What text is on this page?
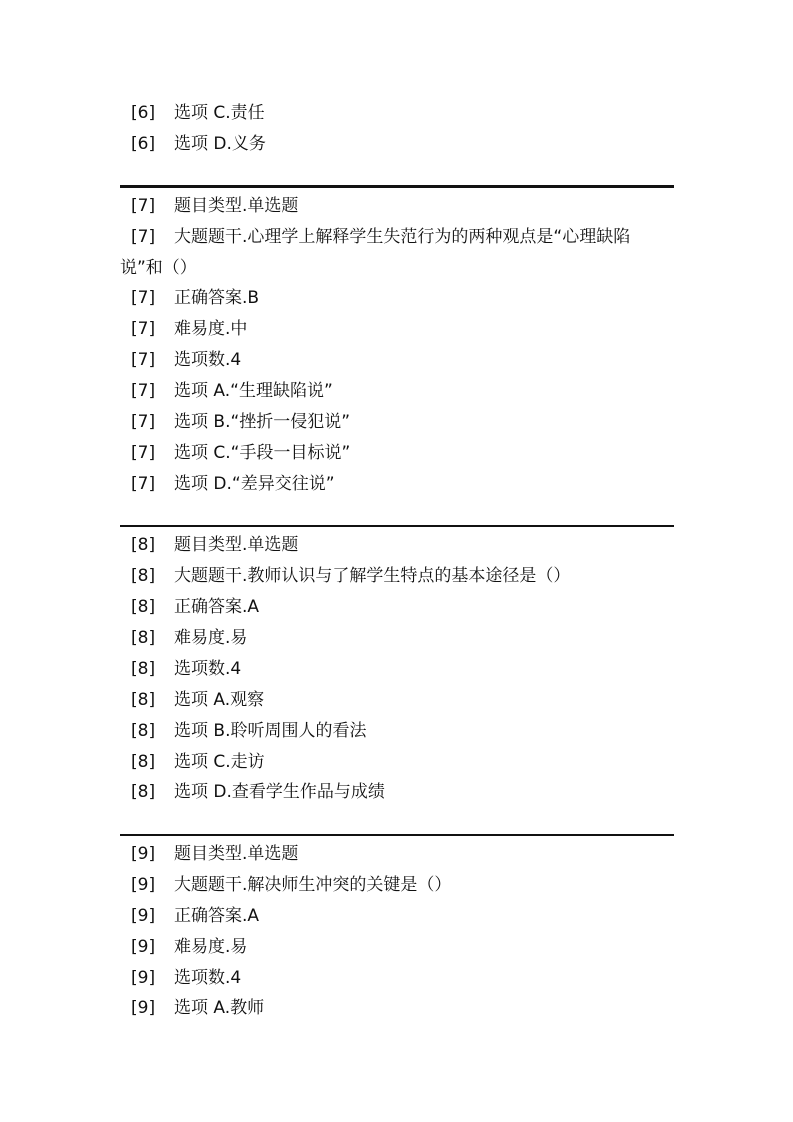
[6] 选项 C.责任
[6] 选项 D.义务
[7] 题目类型.单选题
[7] 大题题干.心理学上解释学生失范行为的两种观点是“心理缺陷
说”和（）
[7] 正确答案.B
[7] 难易度.中
[7] 选项数.4
[7] 选项 A.“生理缺陷说”
[7] 选项 B.“挫折一侵犯说”
[7] 选项 C.“手段一目标说”
[7] 选项 D.“差异交往说”
[8] 题目类型.单选题
[8] 大题题干.教师认识与了解学生特点的基本途径是（）
[8] 正确答案.A
[8] 难易度.易
[8] 选项数.4
[8] 选项 A.观察
[8] 选项 B.聆听周围人的看法
[8] 选项 C.走访
[8] 选项 D.查看学生作品与成绩
[9] 题目类型.单选题
[9] 大题题干.解决师生冲突的关键是（）
[9] 正确答案.A
[9] 难易度.易
[9] 选项数.4
[9] 选项 A.教师
